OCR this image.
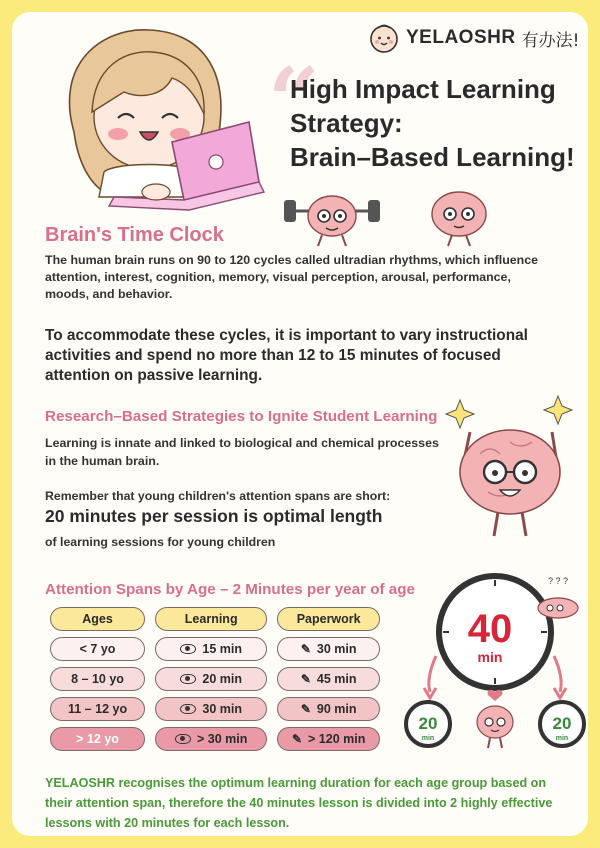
YELAOSHR 有办法!
“
High Impact Learning
Strategy:
Brain–Based Learning!
Brain's Time Clock
The human brain runs on 90 to 120 cycles called ultradian rhythms, which influence attention, interest, cognition, memory, visual perception, arousal, performance, moods, and behavior.
To accommodate these cycles, it is important to vary instructional activities and spend no more than 12 to 15 minutes of focused attention on passive learning.
Research–Based Strategies to Ignite Student Learning
Learning is innate and linked to biological and chemical processes in the human brain.
Remember that young children's attention spans are short:
20 minutes per session is optimal length
of learning sessions for young children
Attention Spans by Age – 2 Minutes per year of age
Ages	Learning	Paperwork
< 7 yo	15 min	✎ 30 min
8 – 10 yo	20 min	✎ 45 min
11 – 12 yo	30 min	✎ 90 min
> 12 yo	> 30 min	✎ > 120 min
40
min
? ? ?
20
min
20
min
YELAOSHR recognises the optimum learning duration for each age group based on their attention span, therefore the 40 minutes lesson is divided into 2 highly effective lessons with 20 minutes for each lesson.
